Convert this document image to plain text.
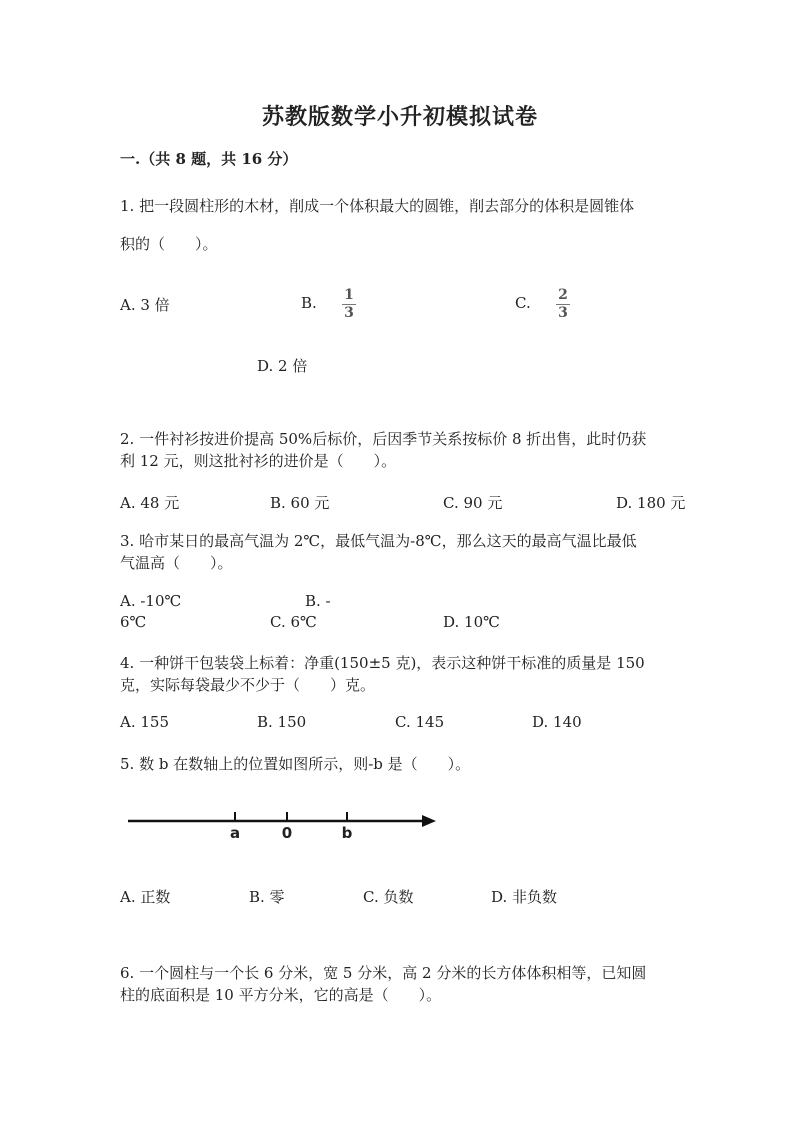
苏教版数学小升初模拟试卷
一.（共 8 题，共 16 分）
1. 把一段圆柱形的木材，削成一个体积最大的圆锥，削去部分的体积是圆锥体
积的（　　）。
A. 3 倍	B. 1
3
C. 2
3
D. 2 倍
2. 一件衬衫按进价提高 50%后标价，后因季节关系按标价 8 折出售，此时仍获
利 12 元，则这批衬衫的进价是（　　）。
A. 48 元	B. 60 元	C. 90 元	D. 180 元
3. 哈市某日的最高气温为 2℃，最低气温为-8℃，那么这天的最高气温比最低
气温高（　　）。
A. -10℃	B. -
6℃	C. 6℃	D. 10℃
4. 一种饼干包装袋上标着：净重(150±5 克)，表示这种饼干标准的质量是 150
克，实际每袋最少不少于（　　）克。
A. 155	B. 150	C. 145	D. 140
5. 数 b 在数轴上的位置如图所示，则-b 是（　　）。
a	0	b
A. 正数	B. 零	C. 负数	D. 非负数
6. 一个圆柱与一个长 6 分米，宽 5 分米，高 2 分米的长方体体积相等，已知圆
柱的底面积是 10 平方分米，它的高是（　　）。
